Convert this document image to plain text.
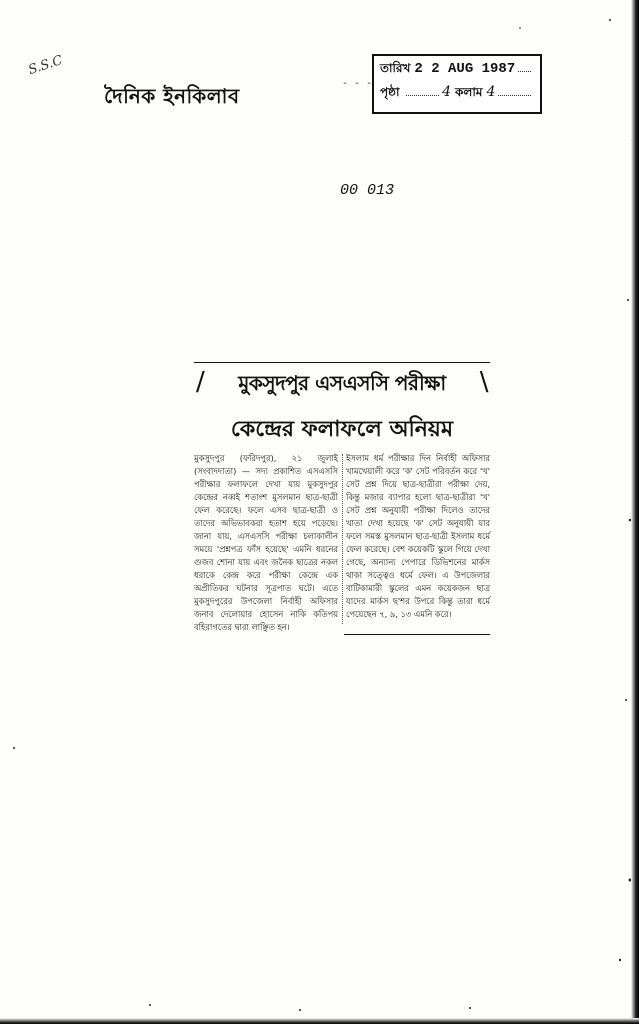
S.S.C
দৈনিক ইনকিলাব
- - -
তারিখ 2 2 AUG 1987
পৃষ্ঠা	4 কলাম 4
00 013
/ মুকসুদপুর এসএসসি পরীক্ষা \
কেন্দ্রের ফলাফলে অনিয়ম
মুকসুদপুর (ফরিদপুর), ২১ জুলাই (সংবাদদাতা) — সদ্য প্রকাশিত এসএসসি পরীক্ষার ফলাফলে দেখা যায় মুকসুদপুর কেন্দ্রের নব্বই শতাংশ মুসলমান ছাত্র-ছাত্রী ফেল করেছে। ফলে এসব ছাত্র-ছাত্রী ও তাদের অভিভাবকরা হতাশ হয়ে পড়েছে। জানা যায়, এসএসসি পরীক্ষা চলাকালীন সময়ে 'প্রশ্নপত্র ফাঁস হয়েছে' এমনি ধরনের গুজব শোনা যায় এবং জনৈক ছাত্রের নকল ধরাকে কেন্দ্র করে পরীক্ষা কেন্দ্রে এক অপ্রীতিকর ঘটনার সূত্রপাত ঘটে। এতে মুকসুদপুরের উপজেলা নির্বাহী অফিসার জনাব দেলোয়ার হোসেন নাকি কতিপয় বহিরাগতের দ্বারা লাঞ্ছিত হন।
ইসলাম ধর্ম পরীক্ষার দিন নির্বাহী অফিসার খামখেয়ালী করে 'ক' সেট পরিবর্তন করে 'খ' সেট প্রশ্ন দিয়ে ছাত্র-ছাত্রীরা পরীক্ষা দেয়, কিন্তু মজার ব্যাপার হলো ছাত্র-ছাত্রীরা 'খ' সেট প্রশ্ন অনুযায়ী পরীক্ষা দিলেও তাদের খাতা দেখা হয়েছে 'ক' সেট অনুযায়ী যার ফলে সমস্ত মুসলমান ছাত্র-ছাত্রী ইসলাম ধর্মে ফেল করেছে। বেশ কয়েকটি স্কুলে গিয়ে দেখা গেছে, অন্যান্য পেপারে ডিভিশনের মার্কস থাকা সত্ত্বেও ধর্মে ফেল। এ উপজেলার বাটিকামারী স্কুলের এমন কয়েকজন ছাত্র যাদের মার্কস ছ'শর উপরে কিন্তু তারা ধর্মে পেয়েছেন ৭, ৯, ১৩ এমনি করে।
